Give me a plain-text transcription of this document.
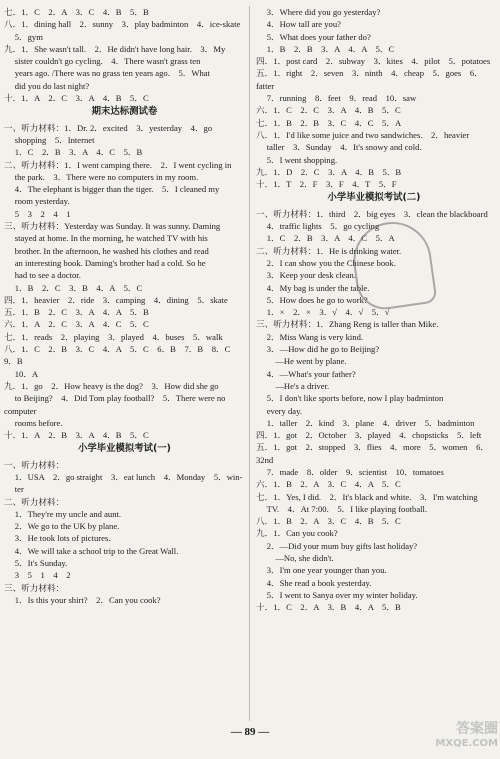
七．1．C　2．A　3．C　4．B　5．B
八．1．dining hall　2．sunny　3．play badminton　4．ice-skate
　 5．gym
九．1．She wasn't tall.　2．He didn't have long hair.　3．My
　 sister couldn't go cycling.　4．There wasn't grass ten
　 years ago. /There was no grass ten years ago.　5．What
　 did you do last night?
十．1．A　2．C　3．A　4．B　5．C
期末达标测试卷
一、听力材料：1．Dr. 2．excited　3．yesterday　4．go
　 shopping　5．Internet
　 1．C　2．B　3．A　4．C　5．B
二、听力材料：1．I went camping there.　2．I went cycling in
　 the park.　3．There were no computers in my room.
　 4．The elephant is bigger than the tiger.　5．I cleaned my
　 room yesterday.
　 5　3　2　4　1
三、听力材料：Yesterday was Sunday. It was sunny. Daming
　 stayed at home. In the morning, he watched TV with his
　 brother. In the afternoon, he washed his clothes and read
　 an interesting book. Daming's brother had a cold. So he
　 had to see a doctor.
　 1．B　2．C　3．B　4．A　5．C
四．1．heavier　2．ride　3．camping　4．dining　5．skate
五．1．B　2．C　3．A　4．A　5．B
六．1．A　2．C　3．A　4．C　5．C
七．1．reads　2．playing　3．played　4．buses　5．walk
八．1．C　2．B　3．C　4．A　5．C　6．B　7．B　8．C　9．B
　 10．A
九．1．go　2．How heavy is the dog?　3．How did she go
　 to Beijing?　4．Did Tom play football?　5．There were no computer
　 rooms before.
十．1．A　2．B　3．A　4．B　5．C
小学毕业模拟考试(一)
一、听力材料：
　 1．USA　2．go straight　3．eat lunch　4．Monday　5．win-
　 ter
二、听力材料：
　 1．They're my uncle and aunt.
　 2．We go to the UK by plane.
　 3．He took lots of pictures.
　 4．We will take a school trip to the Great Wall.
　 5．It's Sunday.
　 3　5　1　4　2
三、听力材料：
　 1．Is this your shirt?　2．Can you cook?
　 3．Where did you go yesterday?
　 4．How tall are you?
　 5．What does your father do?
　 1．B　2．B　3．A　4．A　5．C
四．1．post card　2．subway　3．kites　4．pilot　5．potatoes
五．1．right　2．seven　3．ninth　4．cheap　5．goes　6．fatter
　 7．running　8．feet　9．read　10．saw
六．1．C　2．C　3．A　4．B　5．C
七．1．B　2．B　3．C　4．C　5．A
八．1．I'd like some juice and two sandwiches.　2．heavier
　 taller　3．Sunday　4．It's snowy and cold.
　 5．I went shopping.
九．1．D　2．C　3．A　4．B　5．B
十．1．T　2．F　3．F　4．T　5．F
小学毕业模拟考试(二)
一、听力材料：1．third　2．big eyes　3．clean the blackboard
　 4．traffic lights　5．go cycling
　 1．C　2．B　3．A　4．C　5．A
二、听力材料：1．He is drinking water.
　 2．I can show you the Chinese book.
　 3．Keep your desk clean.
　 4．My bag is under the table.
　 5．How does he go to work?
　 1．×　2．×　3．√　4．√　5．√
三、听力材料：1．Zhang Reng is taller than Mike.
　 2．Miss Wang is very kind.
　 3．—How did he go to Beijing?
　 　—He went by plane.
　 4．—What's your father?
　 　—He's a driver.
　 5．I don't like sports before, now I play badminton
　 every day.
　 1．taller　2．kind　3．plane　4．driver　5．badminton
四．1．got　2．October　3．played　4．chopsticks　5．left
五．1．got　2．stopped　3．flies　4．more　5．women　6．32nd
　 7．made　8．older　9．scientist　10．tomatoes
六．1．B　2．A　3．C　4．A　5．C
七．1．Yes, I did.　2．It's black and white.　3．I'm watching
　 TV.　4．At 7:00.　5．I like playing football.
八．1．B　2．A　3．C　4．B　5．C
九．1．Can you cook?
　 2．—Did your mum buy gifts last holiday?
　 　—No, she didn't.
　 3．I'm one year younger than you.
　 4．She read a book yesterday.
　 5．I went to Sanya over my winter holiday.
十．1．C　2．A　3．B　4．A　5．B
— 89 —	答案圈
MXQE.COM
